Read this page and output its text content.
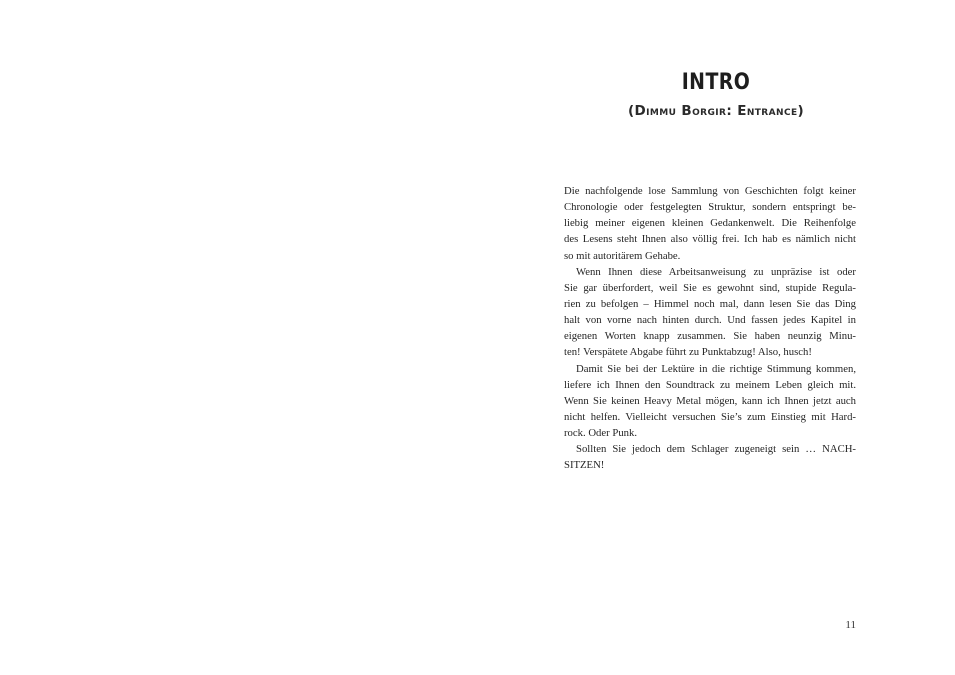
INTRO
(Dimmu Borgir: Entrance)
Die nachfolgende lose Sammlung von Geschichten folgt keiner
Chronologie oder festgelegten Struktur, sondern entspringt be-
liebig meiner eigenen kleinen Gedankenwelt. Die Reihenfolge
des Lesens steht Ihnen also völlig frei. Ich hab es nämlich nicht
so mit autoritärem Gehabe.
Wenn Ihnen diese Arbeitsanweisung zu unpräzise ist oder
Sie gar überfordert, weil Sie es gewohnt sind, stupide Regula-
rien zu befolgen – Himmel noch mal, dann lesen Sie das Ding
halt von vorne nach hinten durch. Und fassen jedes Kapitel in
eigenen Worten knapp zusammen. Sie haben neunzig Minu-
ten! Verspätete Abgabe führt zu Punktabzug! Also, husch!
Damit Sie bei der Lektüre in die richtige Stimmung kommen,
liefere ich Ihnen den Soundtrack zu meinem Leben gleich mit.
Wenn Sie keinen Heavy Metal mögen, kann ich Ihnen jetzt auch
nicht helfen. Vielleicht versuchen Sie’s zum Einstieg mit Hard-
rock. Oder Punk.
Sollten Sie jedoch dem Schlager zugeneigt sein … NACH-
SITZEN!
11
